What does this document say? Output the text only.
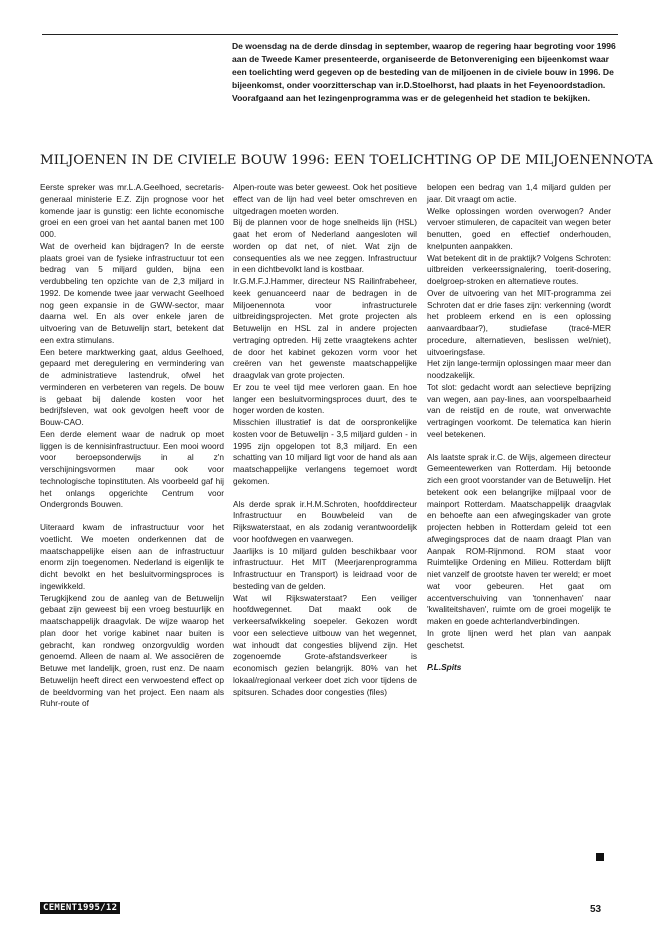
De woensdag na de derde dinsdag in september, waarop de regering haar begroting voor 1996 aan de Tweede Kamer presenteerde, organiseerde de Betonvereniging een bijeenkomst waar een toelichting werd gegeven op de besteding van de miljoenen in de civiele bouw in 1996. De bijeenkomst, onder voorzitterschap van ir.D.Stoelhorst, had plaats in het Feyenoordstadion. Voorafgaand aan het lezingenprogramma was er de gelegenheid het stadion te bekijken.

MILJOENEN IN DE CIVIELE BOUW 1996: EEN TOELICHTING OP DE MILJOENENNOTA

Eerste spreker was mr.L.A.Geelhoed, secretaris-generaal ministerie E.Z. Zijn prognose voor het komende jaar is gunstig: een lichte economische groei en een groei van het aantal banen met 100 000.

Wat de overheid kan bijdragen? In de eerste plaats groei van de fysieke infrastructuur tot een bedrag van 5 miljard gulden, bijna een verdubbeling ten opzichte van de 2,3 miljard in 1992. De komende twee jaar verwacht Geelhoed nog geen expansie in de GWW-sector, maar daarna wel. En als over enkele jaren de uitvoering van de Betuwelijn start, betekent dat een extra stimulans.

Een betere marktwerking gaat, aldus Geelhoed, gepaard met deregulering en vermindering van de administratieve lastendruk, ofwel het verminderen en verbeteren van regels. De bouw is gebaat bij dalende kosten voor het bedrijfsleven, wat ook gevolgen heeft voor de Bouw-CAO.

Een derde element waar de nadruk op moet liggen is de kennisinfrastructuur. Een mooi woord voor beroepsonderwijs in al z'n verschijningsvormen maar ook voor technologische topinstituten. Als voorbeeld gaf hij het onlangs opgerichte Centrum voor Ondergronds Bouwen.

Uiteraard kwam de infrastructuur voor het voetlicht. We moeten onderkennen dat de maatschappelijke eisen aan de infrastructuur enorm zijn toegenomen. Nederland is eigenlijk te dicht bevolkt en het besluitvormingsproces is ingewikkeld.

Terugkijkend zou de aanleg van de Betuwelijn gebaat zijn geweest bij een vroeg bestuurlijk en maatschappelijk draagvlak. De wijze waarop het plan door het vorige kabinet naar buiten is gebracht, kan rondweg onzorgvuldig worden genoemd. Alleen de naam al. We associëren de Betuwe met landelijk, groen, rust enz. De naam Betuwelijn heeft direct een verwoestend effect op de beeldvorming van het project. Een naam als Ruhr-route of

Alpen-route was beter geweest. Ook het positieve effect van de lijn had veel beter omschreven en uitgedragen moeten worden.

Bij de plannen voor de hoge snelheids lijn (HSL) gaat het erom of Nederland aangesloten wil worden op dat net, of niet. Wat zijn de consequenties als we nee zeggen. Infrastructuur in een dichtbevolkt land is kostbaar.

Ir.G.M.F.J.Hammer, directeur NS Railinfrabeheer, keek genuanceerd naar de bedragen in de Miljoenennota voor infrastructurele uitbreidingsprojecten. Met grote projecten als Betuwelijn en HSL zal in andere projecten vertraging optreden. Hij zette vraagtekens achter de door het kabinet gekozen vorm voor het creëren van het gewenste maatschappelijke draagvlak van grote projecten.

Er zou te veel tijd mee verloren gaan. En hoe langer een besluitvormingsproces duurt, des te hoger worden de kosten.

Misschien illustratief is dat de oorspronkelijke kosten voor de Betuwelijn - 3,5 miljard gulden - in 1995 zijn opgelopen tot 8,3 miljard. En een schatting van 10 miljard ligt voor de hand als aan maatschappelijke verlangens tegemoet wordt gekomen.

Als derde sprak ir.H.M.Schroten, hoofddirecteur Infrastructuur en Bouwbeleid van de Rijkswaterstaat, en als zodanig verantwoordelijk voor hoofdwegen en vaarwegen.

Jaarlijks is 10 miljard gulden beschikbaar voor infrastructuur. Het MIT (Meerjarenprogramma Infrastructuur en Transport) is leidraad voor de besteding van de gelden.

Wat wil Rijkswaterstaat? Een veiliger hoofdwegennet. Dat maakt ook de verkeersafwikkeling soepeler. Gekozen wordt voor een selectieve uitbouw van het wegennet, wat inhoudt dat congesties blijvend zijn. Het zogenoemde Grote-afstandsverkeer is economisch gezien belangrijk. 80% van het lokaal/regionaal verkeer doet zich voor tijdens de spitsuren. Schades door congesties (files)

belopen een bedrag van 1,4 miljard gulden per jaar. Dit vraagt om actie.

Welke oplossingen worden overwogen? Ander vervoer stimuleren, de capaciteit van wegen beter benutten, goed en effectief onderhouden, knelpunten aanpakken.

Wat betekent dit in de praktijk? Volgens Schroten: uitbreiden verkeerssignalering, toerit-dosering, doelgroep-stroken en alternatieve routes.

Over de uitvoering van het MIT-programma zei Schroten dat er drie fases zijn: verkenning (wordt het probleem erkend en is een oplossing aanvaardbaar?), studiefase (tracé-MER procedure, alternatieven, beslissen wel/niet), uitvoeringsfase.

Het zijn lange-termijn oplossingen maar meer dan noodzakelijk.

Tot slot: gedacht wordt aan selectieve beprijzing van wegen, aan pay-lines, aan voorspelbaarheid van de reistijd en de route, wat onverwachte vertragingen voorkomt. De telematica kan hierin veel betekenen.

Als laatste sprak ir.C. de Wijs, algemeen directeur Gemeentewerken van Rotterdam. Hij betoonde zich een groot voorstander van de Betuwelijn. Het betekent ook een belangrijke mijlpaal voor de mainport Rotterdam. Maatschappelijk draagvlak en behoefte aan een afwegingskader van grote projecten hebben in Rotterdam geleid tot een afwegingsproces dat de naam draagt Plan van Aanpak ROM-Rijnmond. ROM staat voor Ruimtelijke Ordening en Milieu. Rotterdam blijft niet vanzelf de grootste haven ter wereld; er moet wat voor gebeuren. Het gaat om accentverschuiving van 'tonnenhaven' naar 'kwaliteitshaven', ruimte om de groei mogelijk te maken en goede achterlandverbindingen.

In grote lijnen werd het plan van aanpak geschetst.

P.L.Spits

CEMENT1995/12	53
